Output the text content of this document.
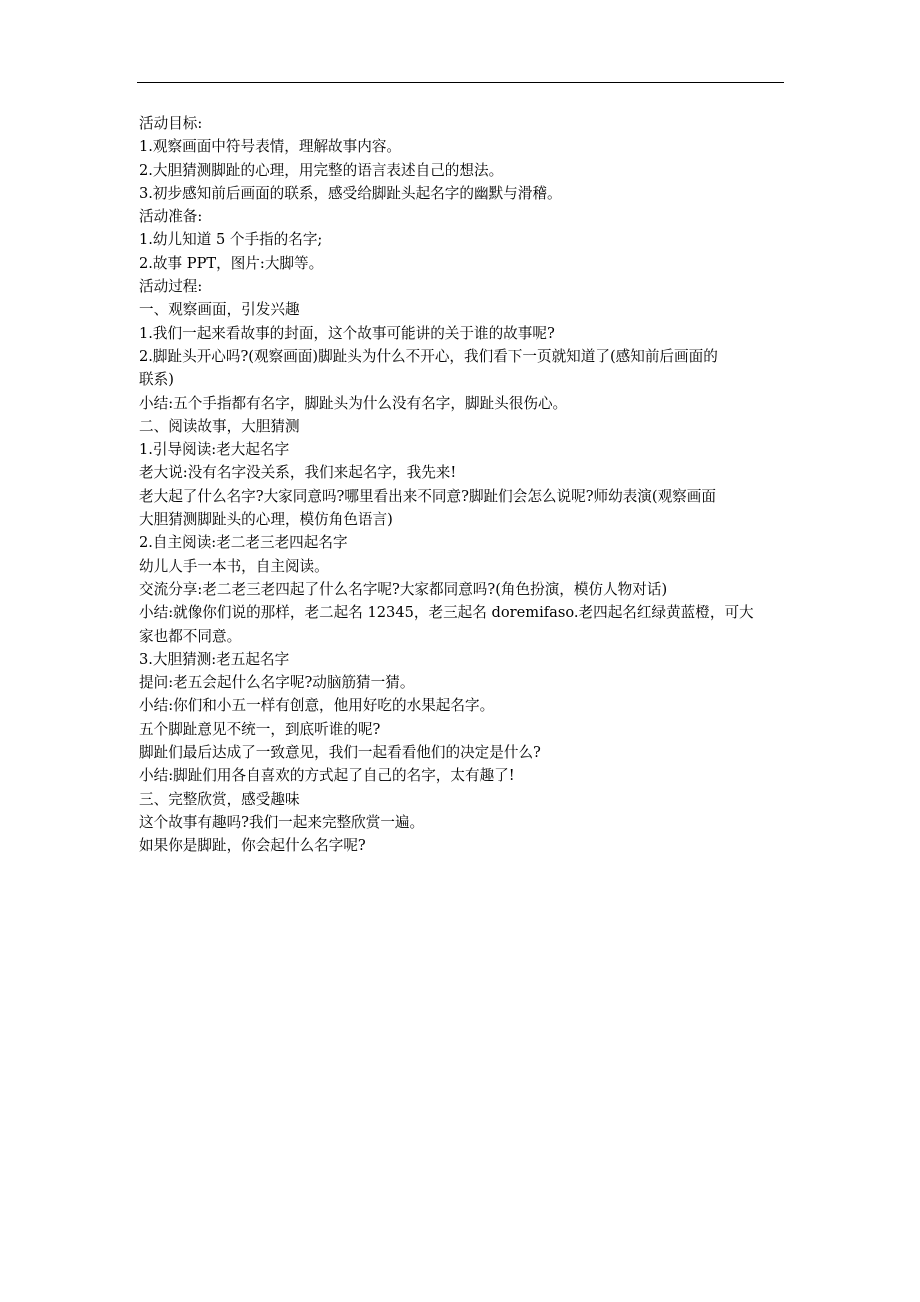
活动目标:

1.观察画面中符号表情，理解故事内容。

2.大胆猜测脚趾的心理，用完整的语言表述自己的想法。

3.初步感知前后画面的联系，感受给脚趾头起名字的幽默与滑稽。

活动准备:

1.幼儿知道 5 个手指的名字;

2.故事 PPT，图片:大脚等。

活动过程:

一、观察画面，引发兴趣

1.我们一起来看故事的封面，这个故事可能讲的关于谁的故事呢?

2.脚趾头开心吗?(观察画面)脚趾头为什么不开心，我们看下一页就知道了(感知前后画面的

联系)

小结:五个手指都有名字，脚趾头为什么没有名字，脚趾头很伤心。

二、阅读故事，大胆猜测

1.引导阅读:老大起名字

老大说:没有名字没关系，我们来起名字，我先来!

老大起了什么名字?大家同意吗?哪里看出来不同意?脚趾们会怎么说呢?师幼表演(观察画面

大胆猜测脚趾头的心理，模仿角色语言)

2.自主阅读:老二老三老四起名字

幼儿人手一本书，自主阅读。

交流分享:老二老三老四起了什么名字呢?大家都同意吗?(角色扮演，模仿人物对话)

小结:就像你们说的那样，老二起名 12345，老三起名 doremifaso.老四起名红绿黄蓝橙，可大

家也都不同意。

3.大胆猜测:老五起名字

提问:老五会起什么名字呢?动脑筋猜一猜。

小结:你们和小五一样有创意，他用好吃的水果起名字。

五个脚趾意见不统一，到底听谁的呢?

脚趾们最后达成了一致意见，我们一起看看他们的决定是什么?

小结:脚趾们用各自喜欢的方式起了自己的名字，太有趣了!

三、完整欣赏，感受趣味

这个故事有趣吗?我们一起来完整欣赏一遍。

如果你是脚趾，你会起什么名字呢?
